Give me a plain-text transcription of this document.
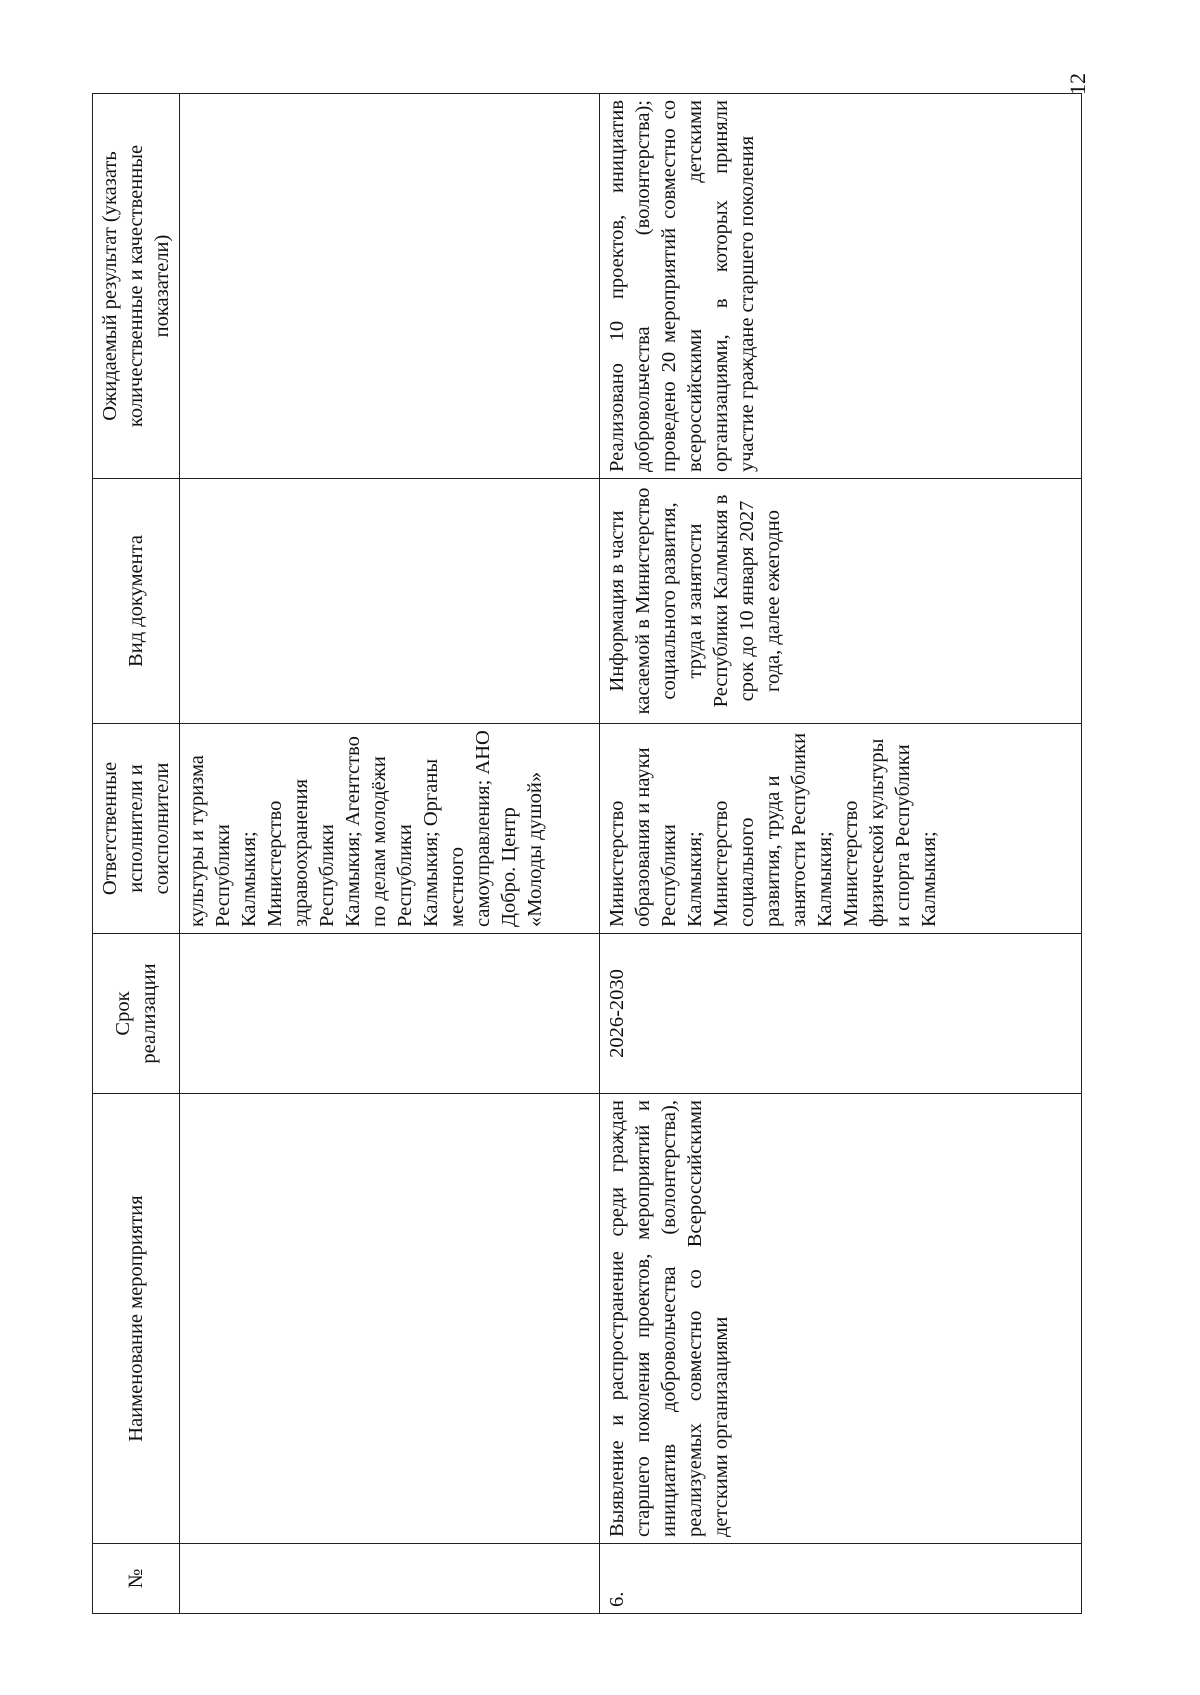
№	Наименование мероприятия	Срок реализации	Ответственные исполнители и соисполнители	Вид документа	Ожидаемый результат (указать количественные и качественные показатели)
			культуры и туризма Республики Калмыкия; Министерство здравоохранения Республики Калмыкия; Агентство по делам молодёжи Республики Калмыкия; Органы местного самоуправления; АНО Добро. Центр «Молоды душой»		
6.	Выявление и распространение среди граждан старшего поколения проектов, мероприятий и инициатив добровольчества (волонтерства), реализуемых совместно со Всероссийскими детскими организациями	2026-2030	Министерство образования и науки Республики Калмыкия; Министерство социального развития, труда и занятости Республики Калмыкия; Министерство физической культуры и спорта Республики Калмыкия;	Информация в части касаемой в Министерство социального развития, труда и занятости Республики Калмыкия в срок до 10 января 2027 года, далее ежегодно	Реализовано 10 проектов, инициатив добровольчества (волонтерства); проведено 20 мероприятий совместно со всероссийскими детскими организациями, в которых приняли участие граждане старшего поколения
12
